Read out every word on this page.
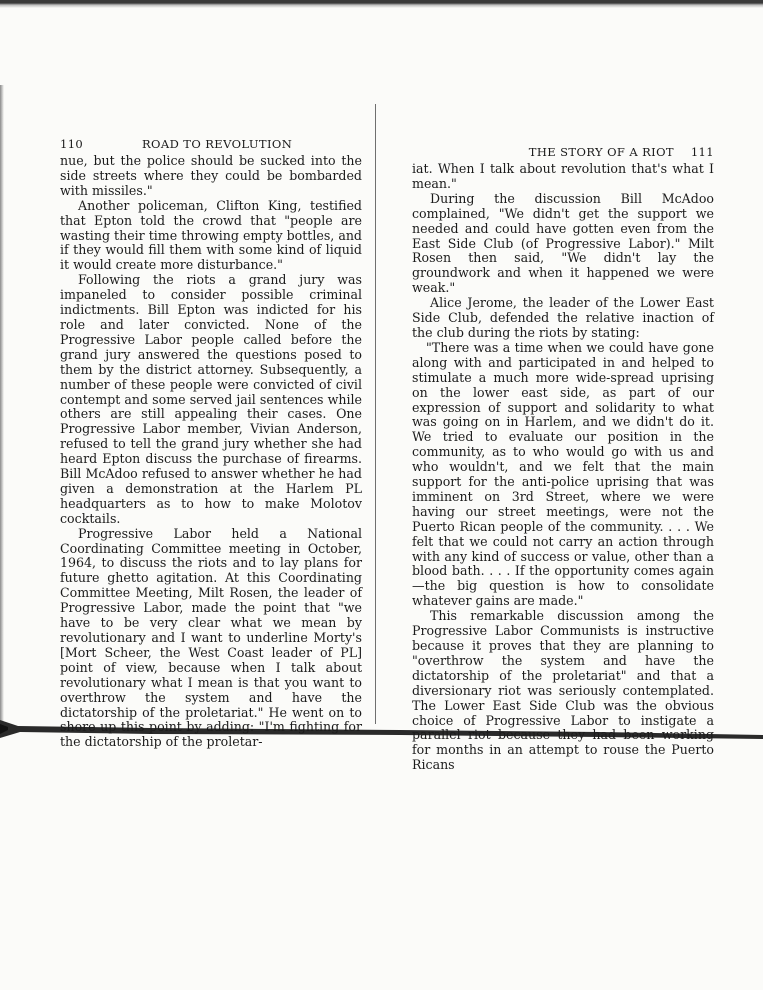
110	ROAD TO REVOLUTION

nue, but the police should be sucked into the side streets where they could be bombarded with missiles."

Another policeman, Clifton King, testified that Epton told the crowd that "people are wasting their time throwing empty bottles, and if they would fill them with some kind of liquid it would create more disturbance."

Following the riots a grand jury was impaneled to consider possible criminal indictments. Bill Epton was indicted for his role and later convicted. None of the Progressive Labor people called before the grand jury answered the questions posed to them by the district attorney. Subsequently, a number of these people were convicted of civil contempt and some served jail sentences while others are still appealing their cases. One Progressive Labor member, Vivian Anderson, refused to tell the grand jury whether she had heard Epton discuss the purchase of firearms. Bill McAdoo refused to answer whether he had given a demonstration at the Harlem PL headquarters as to how to make Molotov cocktails.

Progressive Labor held a National Coordinating Committee meeting in October, 1964, to discuss the riots and to lay plans for future ghetto agitation. At this Coordinating Committee Meeting, Milt Rosen, the leader of Progressive Labor, made the point that "we have to be very clear what we mean by revolutionary and I want to underline Morty's [Mort Scheer, the West Coast leader of PL] point of view, because when I talk about revolutionary what I mean is that you want to overthrow the system and have the dictatorship of the proletariat." He went on to shore up this point by adding: "I'm fighting for the dictatorship of the proletar-

THE STORY OF A RIOT	111

iat. When I talk about revolution that's what I mean."

During the discussion Bill McAdoo complained, "We didn't get the support we needed and could have gotten even from the East Side Club (of Progressive Labor)." Milt Rosen then said, "We didn't lay the groundwork and when it happened we were weak."

Alice Jerome, the leader of the Lower East Side Club, defended the relative inaction of the club during the riots by stating:

"There was a time when we could have gone along with and participated in and helped to stimulate a much more wide-spread uprising on the lower east side, as part of our expression of support and solidarity to what was going on in Harlem, and we didn't do it. We tried to evaluate our position in the community, as to who would go with us and who wouldn't, and we felt that the main support for the anti-police uprising that was imminent on 3rd Street, where we were having our street meetings, were not the Puerto Rican people of the community. . . . We felt that we could not carry an action through with any kind of success or value, other than a blood bath. . . . If the opportunity comes again—the big question is how to consolidate whatever gains are made."

This remarkable discussion among the Progressive Labor Communists is instructive because it proves that they are planning to "overthrow the system and have the dictatorship of the proletariat" and that a diversionary riot was seriously contemplated. The Lower East Side Club was the obvious choice of Progressive Labor to instigate a parallel riot because they had been working for months in an attempt to rouse the Puerto Ricans
